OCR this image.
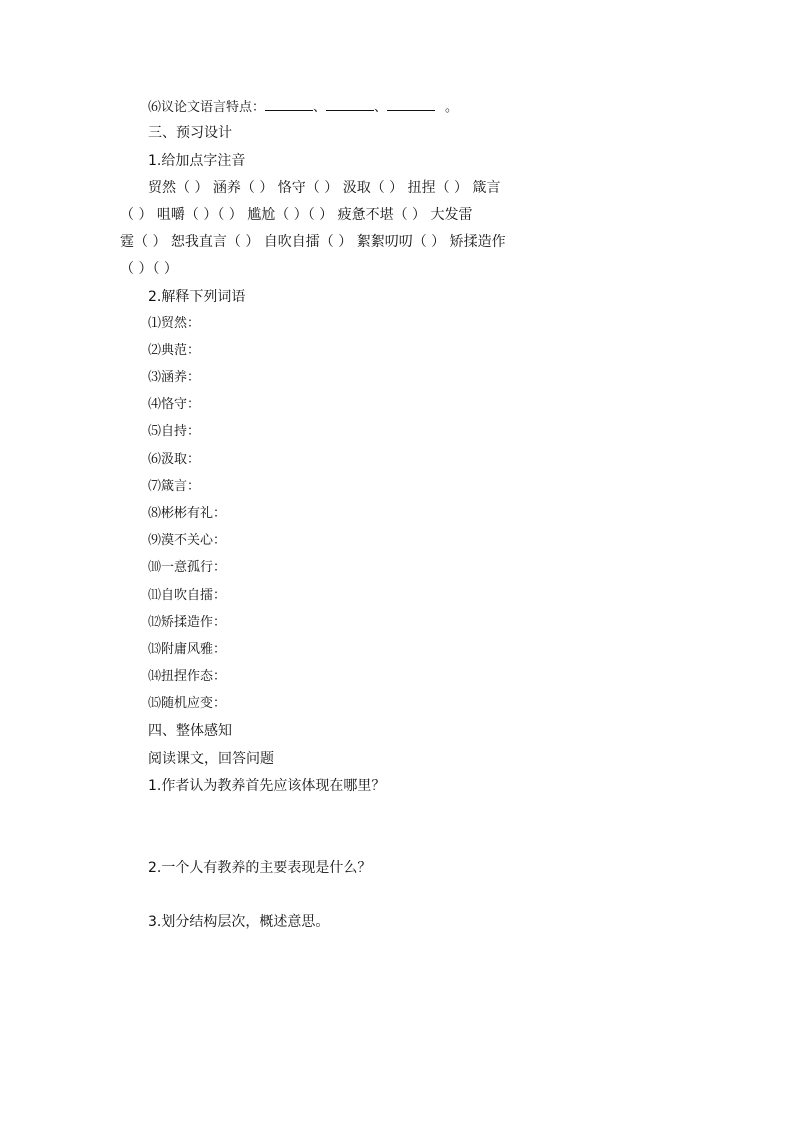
⑹议论文语言特点：	、	、	。
三、预习设计
1.给加点字注音
贸然（ ） 涵养（ ） 恪守（ ） 汲取（ ） 扭捏（ ） 箴言
（ ） 咀嚼（ ）（ ） 尴尬（ ）（ ） 疲惫不堪（ ） 大发雷
霆（ ） 恕我直言（ ） 自吹自擂（ ） 絮絮叨叨（ ） 矫揉造作
（ ）（ ）
2.解释下列词语
⑴贸然：
⑵典范：
⑶涵养：
⑷恪守：
⑸自持：
⑹汲取：
⑺箴言：
⑻彬彬有礼：
⑼漠不关心：
⑽一意孤行：
⑾自吹自擂：
⑿矫揉造作：
⒀附庸风雅：
⒁扭捏作态：
⒂随机应变：
四、整体感知
阅读课文，回答问题
1.作者认为教养首先应该体现在哪里？
2.一个人有教养的主要表现是什么？
3.划分结构层次，概述意思。
